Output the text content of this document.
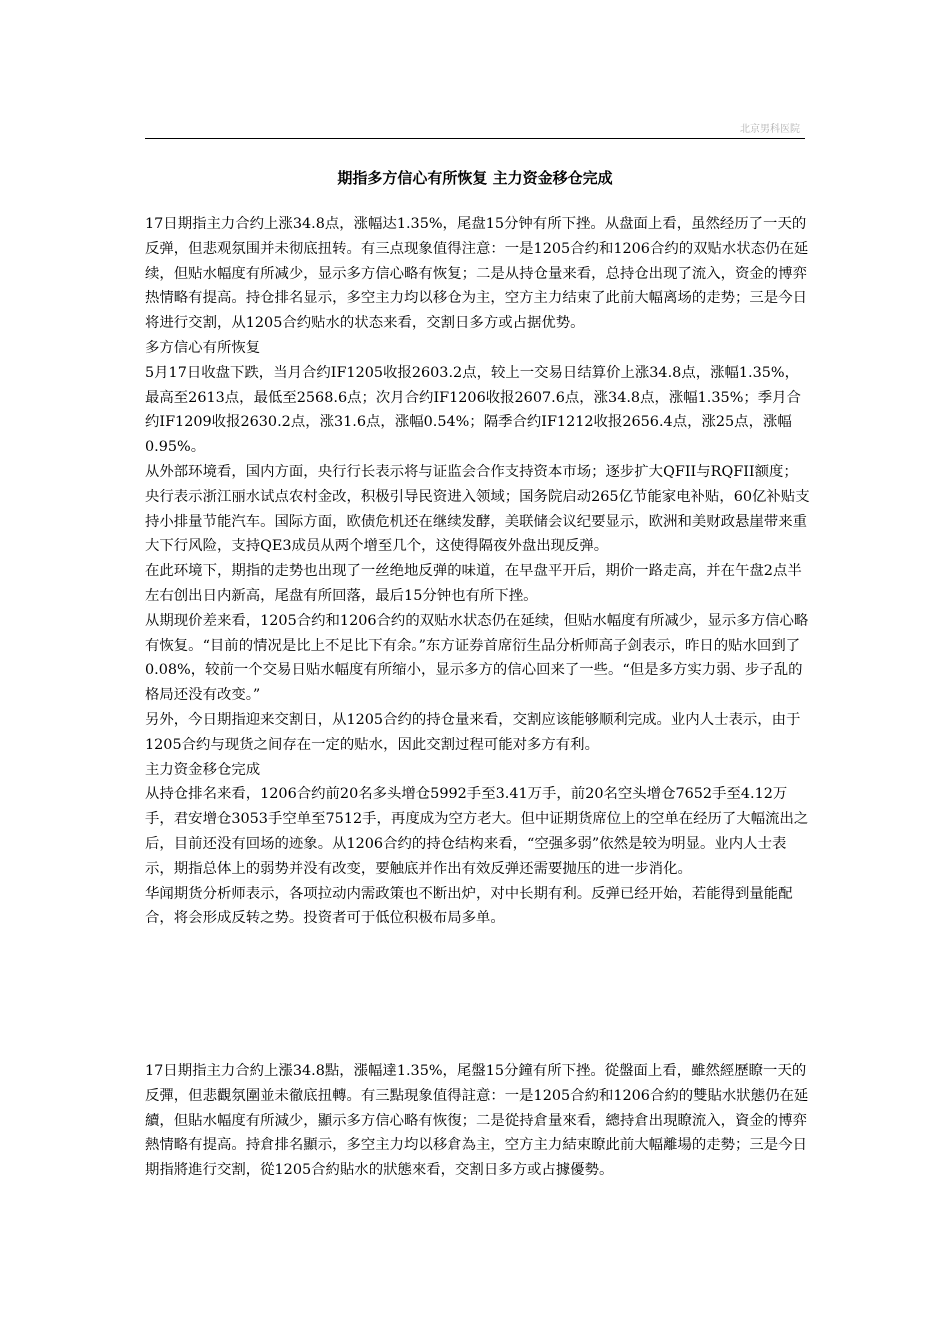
北京男科医院
期指多方信心有所恢复 主力资金移仓完成

17日期指主力合约上涨34.8点，涨幅达1.35%，尾盘15分钟有所下挫。从盘面上看，虽然经历了一天的反弹，但悲观氛围并未彻底扭转。有三点现象值得注意：一是1205合约和1206合约的双贴水状态仍在延续，但贴水幅度有所减少，显示多方信心略有恢复；二是从持仓量来看，总持仓出现了流入，资金的博弈热情略有提高。持仓排名显示，多空主力均以移仓为主，空方主力结束了此前大幅离场的走势；三是今日将进行交割，从1205合约贴水的状态来看，交割日多方或占据优势。

多方信心有所恢复

5月17日收盘下跌，当月合约IF1205收报2603.2点，较上一交易日结算价上涨34.8点，涨幅1.35%，最高至2613点，最低至2568.6点；次月合约IF1206收报2607.6点，涨34.8点，涨幅1.35%；季月合约IF1209收报2630.2点，涨31.6点，涨幅0.54%；隔季合约IF1212收报2656.4点，涨25点，涨幅0.95%。

从外部环境看，国内方面，央行行长表示将与证监会合作支持资本市场；逐步扩大QFII与RQFII额度；央行表示浙江丽水试点农村金改，积极引导民资进入领域；国务院启动265亿节能家电补贴，60亿补贴支持小排量节能汽车。国际方面，欧债危机还在继续发酵，美联储会议纪要显示，欧洲和美财政悬崖带来重大下行风险，支持QE3成员从两个增至几个，这使得隔夜外盘出现反弹。

在此环境下，期指的走势也出现了一丝绝地反弹的味道，在早盘平开后，期价一路走高，并在午盘2点半左右创出日内新高，尾盘有所回落，最后15分钟也有所下挫。

从期现价差来看，1205合约和1206合约的双贴水状态仍在延续，但贴水幅度有所减少，显示多方信心略有恢复。“目前的情况是比上不足比下有余。”东方证券首席衍生品分析师高子剑表示，昨日的贴水回到了0.08%，较前一个交易日贴水幅度有所缩小，显示多方的信心回来了一些。“但是多方实力弱、步子乱的格局还没有改变。”

另外，今日期指迎来交割日，从1205合约的持仓量来看，交割应该能够顺利完成。业内人士表示，由于1205合约与现货之间存在一定的贴水，因此交割过程可能对多方有利。

主力资金移仓完成

从持仓排名来看，1206合约前20名多头增仓5992手至3.41万手，前20名空头增仓7652手至4.12万手，君安增仓3053手空单至7512手，再度成为空方老大。但中证期货席位上的空单在经历了大幅流出之后，目前还没有回场的迹象。从1206合约的持仓结构来看，“空强多弱”依然是较为明显。业内人士表示，期指总体上的弱势并没有改变，要触底并作出有效反弹还需要抛压的进一步消化。

华闻期货分析师表示，各项拉动内需政策也不断出炉，对中长期有利。反弹已经开始，若能得到量能配合，将会形成反转之势。投资者可于低位积极布局多单。

17日期指主力合約上漲34.8點，漲幅達1.35%，尾盤15分鐘有所下挫。從盤面上看，雖然經歷瞭一天的反彈，但悲觀氛圍並未徹底扭轉。有三點現象值得註意：一是1205合約和1206合約的雙貼水狀態仍在延續，但貼水幅度有所減少，顯示多方信心略有恢復；二是從持倉量來看，總持倉出現瞭流入，資金的博弈熱情略有提高。持倉排名顯示，多空主力均以移倉為主，空方主力結束瞭此前大幅離場的走勢；三是今日期指將進行交割，從1205合約貼水的狀態來看，交割日多方或占據優勢。
